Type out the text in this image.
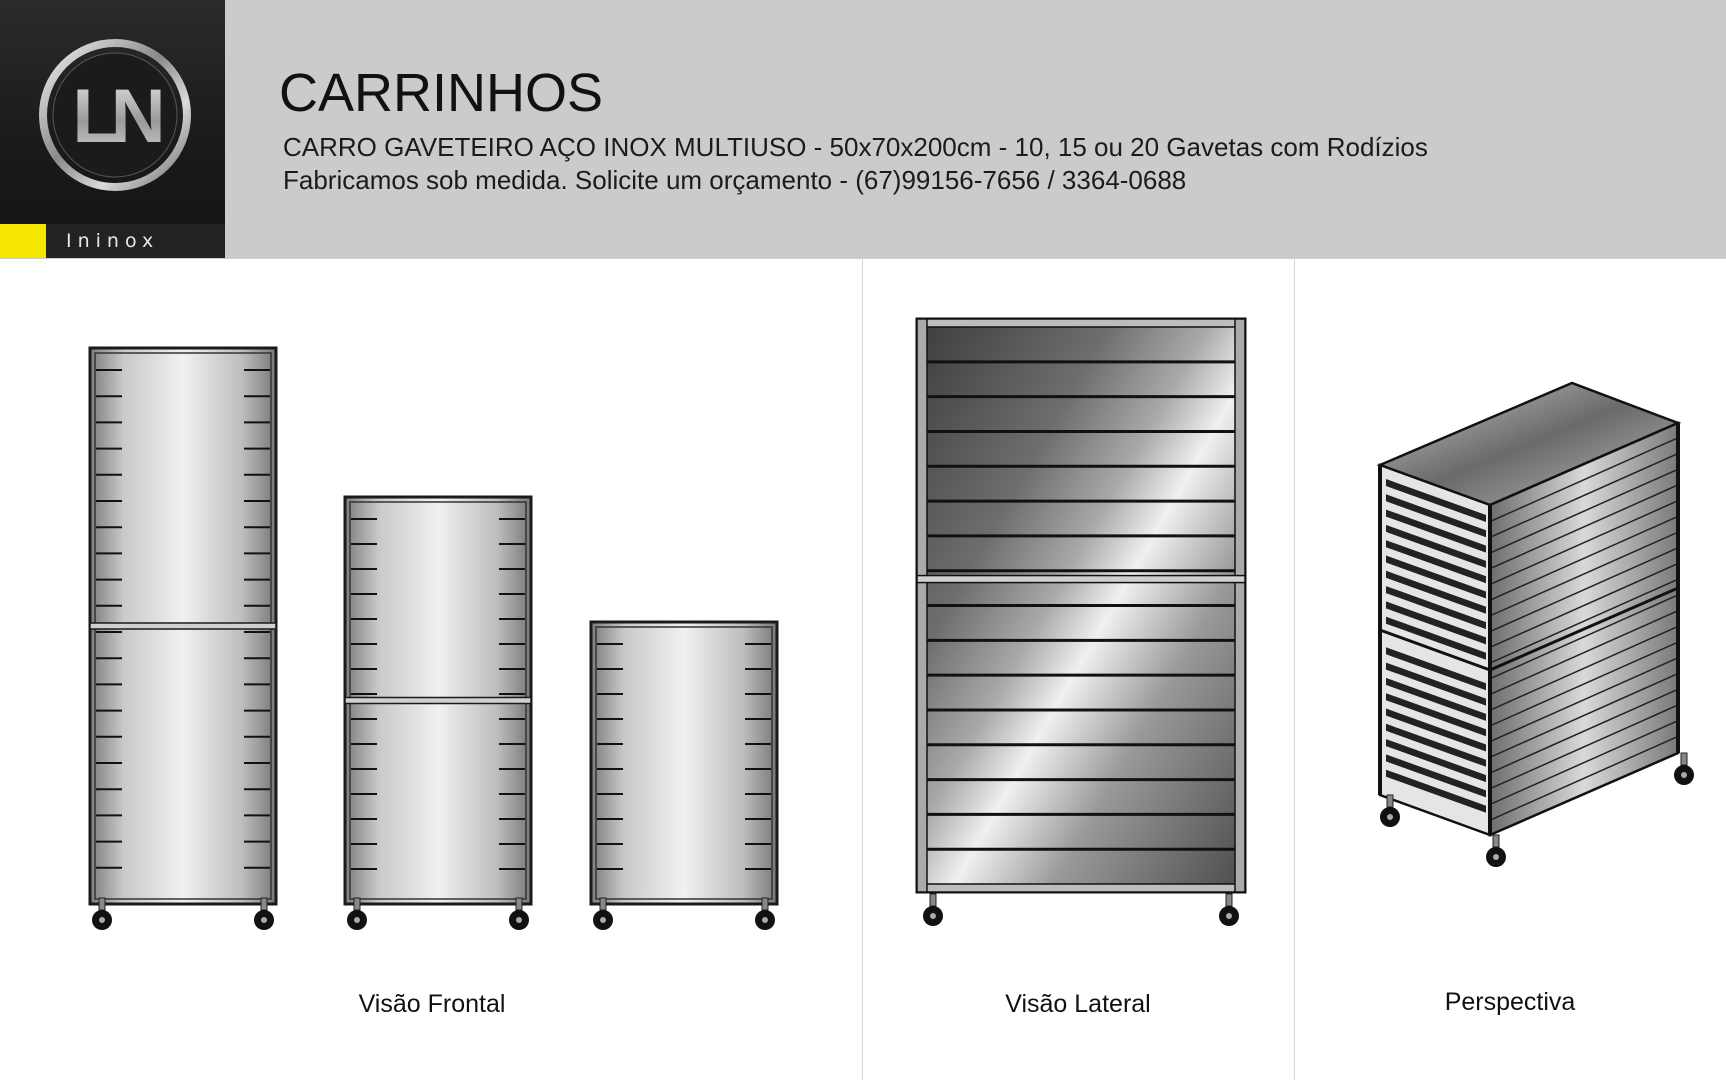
LN
Ininox
CARRINHOS
CARRO GAVETEIRO AÇO INOX MULTIUSO - 50x70x200cm - 10, 15 ou 20 Gavetas com Rodízios
Fabricamos sob medida. Solicite um orçamento - (67)99156-7656 / 3364-0688
Visão Frontal	Visão Lateral	Perspectiva
